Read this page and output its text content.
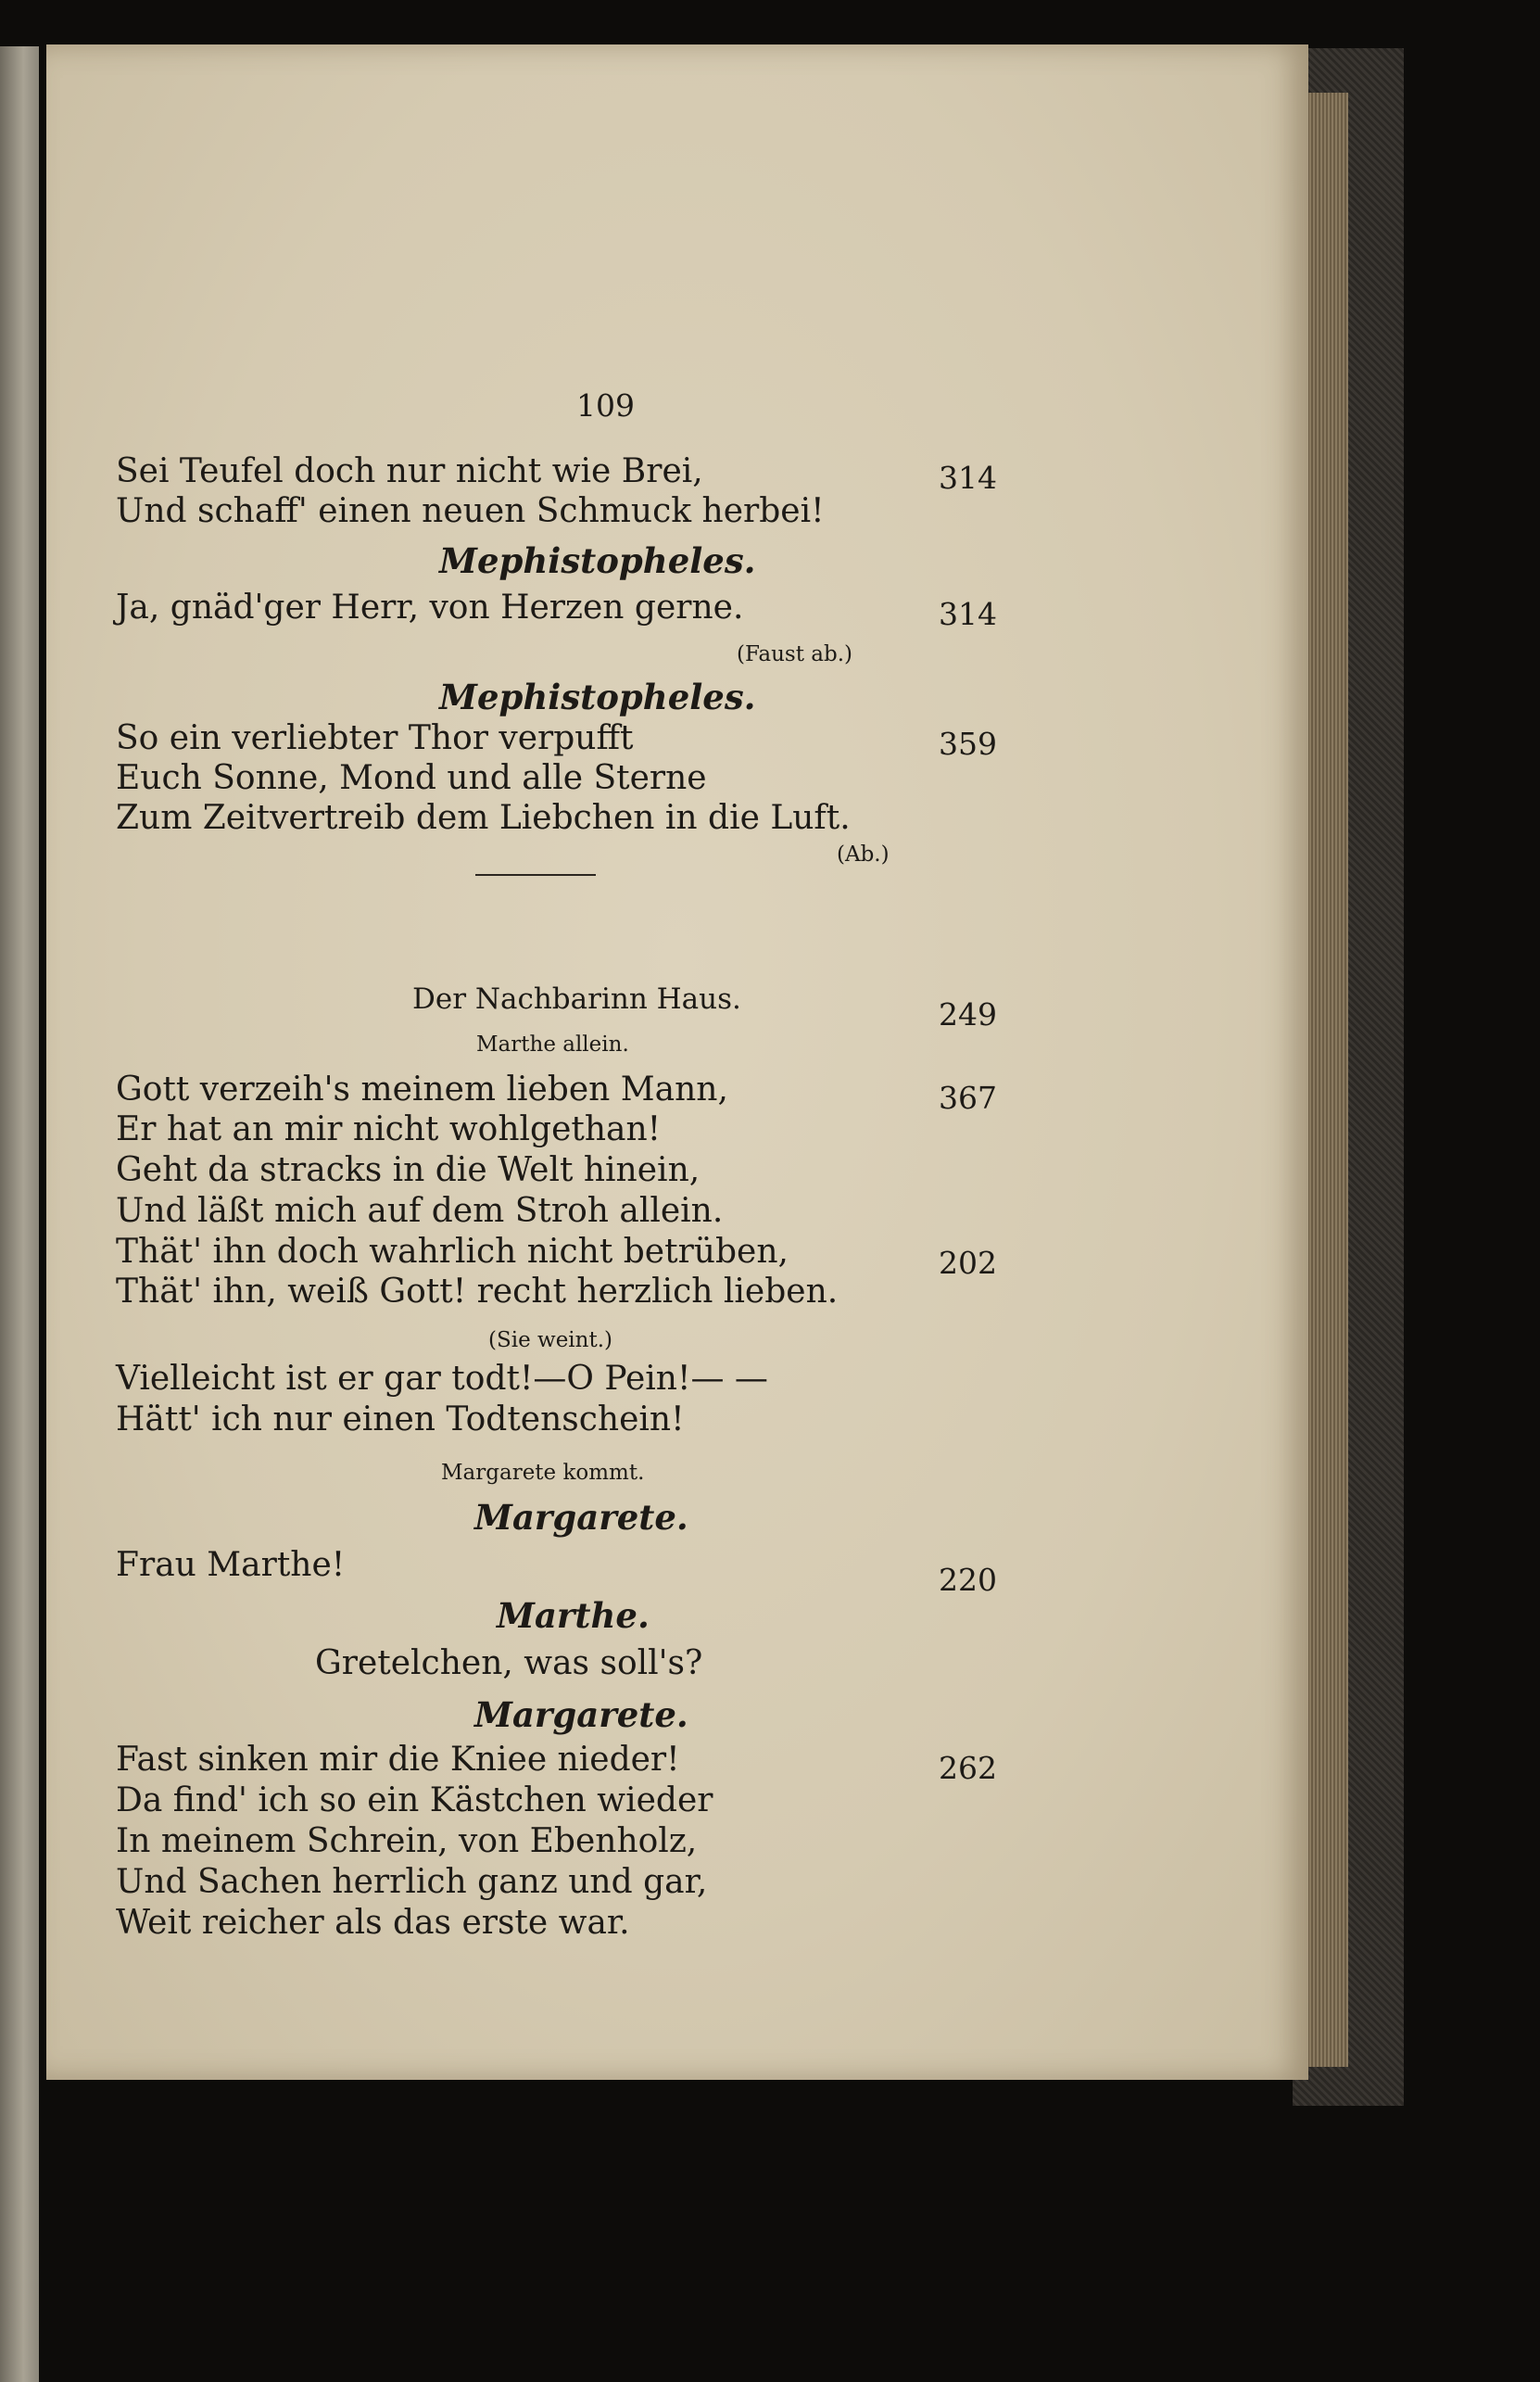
109
Sei Teufel doch nur nicht wie Brei,	314
Und schaff' einen neuen Schmuck herbei!
Mephistopheles.
Ja, gnäd'ger Herr, von Herzen gerne.	314
(Faust ab.)
Mephistopheles.
So ein verliebter Thor verpufft	359
Euch Sonne, Mond und alle Sterne
Zum Zeitvertreib dem Liebchen in die Luft.
(Ab.)
Der Nachbarinn Haus.	249
Marthe allein.
Gott verzeih's meinem lieben Mann,	367
Er hat an mir nicht wohlgethan!
Geht da stracks in die Welt hinein,
Und läßt mich auf dem Stroh allein.
Thät' ihn doch wahrlich nicht betrüben,	202
Thät' ihn, weiß Gott! recht herzlich lieben.
(Sie weint.)
Vielleicht ist er gar todt!—O Pein!— —
Hätt' ich nur einen Todtenschein!
Margarete kommt.
Margarete.
Frau Marthe!	220
Marthe.
Gretelchen, was soll's?
Margarete.
Fast sinken mir die Kniee nieder!	262
Da find' ich so ein Kästchen wieder
In meinem Schrein, von Ebenholz,
Und Sachen herrlich ganz und gar,
Weit reicher als das erste war.
